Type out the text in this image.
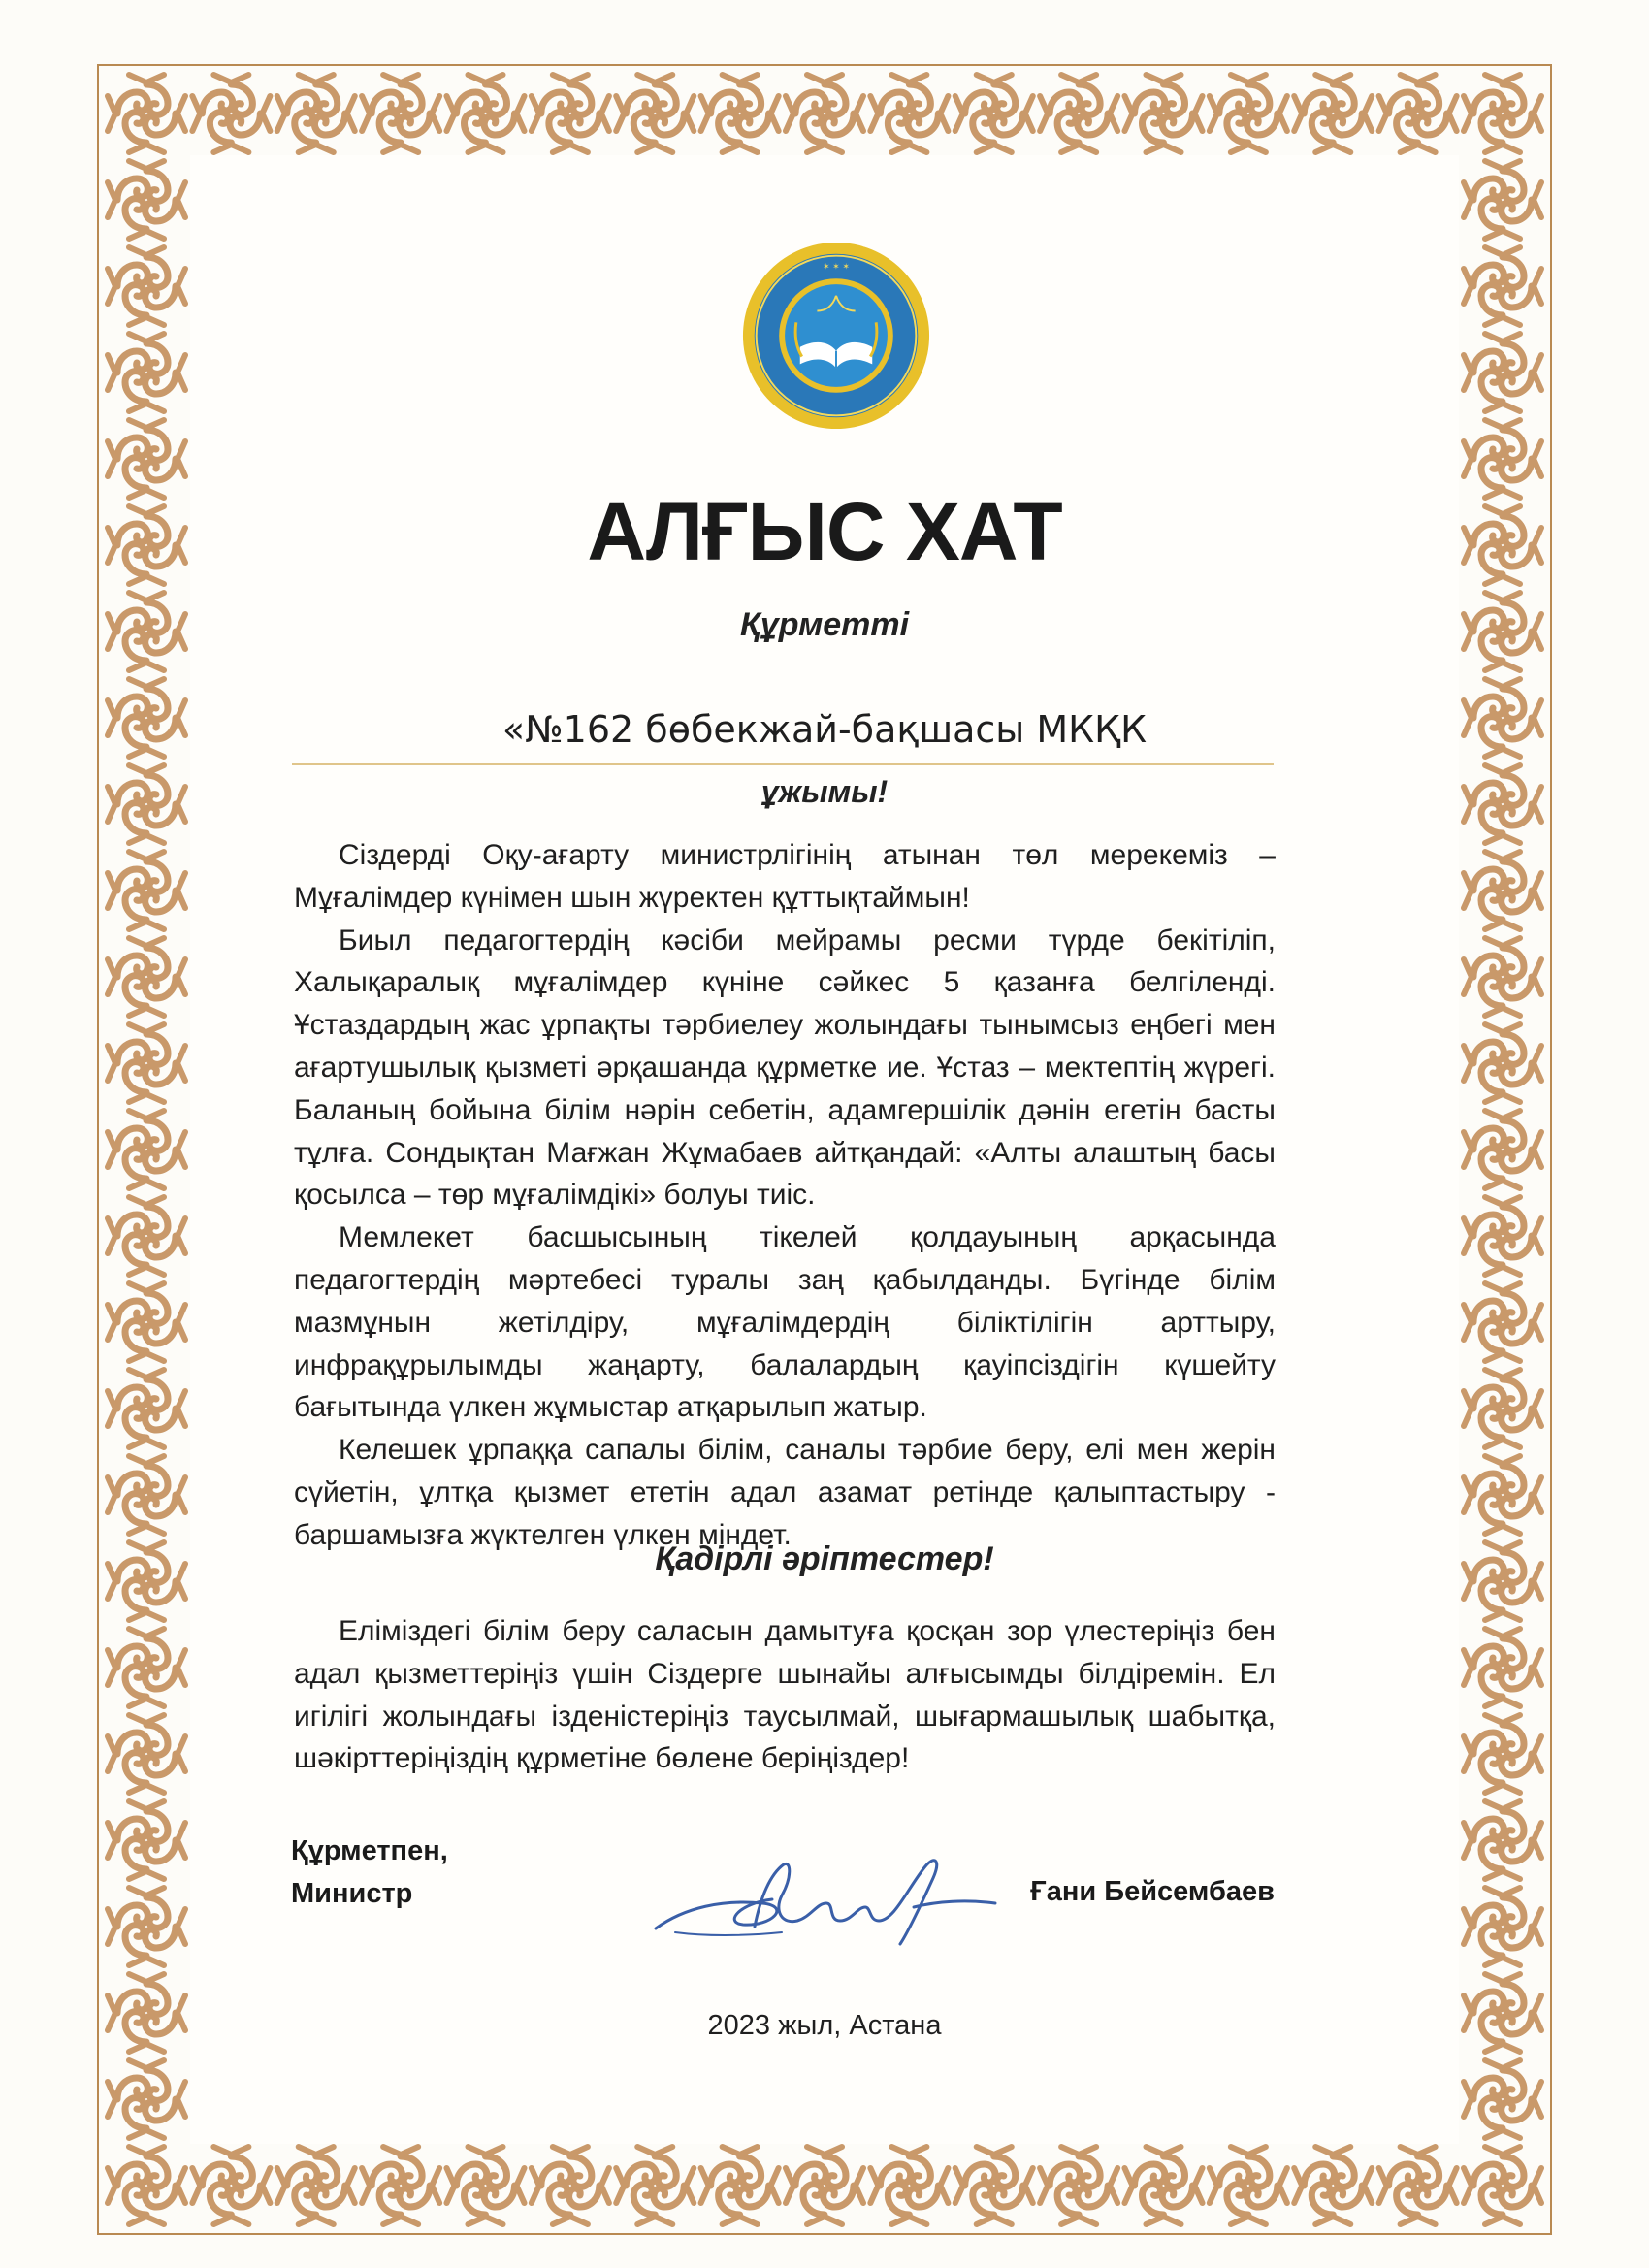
✶ ✶ ✶
АЛҒЫС ХАТ
Құрметті
«№162 бөбекжай-бақшасы МКҚК
ұжымы!

Сіздерді Оқу-ағарту министрлігінің атынан төл мерекеміз – Мұғалімдер күнімен шын жүректен құттықтаймын!

Биыл педагогтердің кәсіби мейрамы ресми түрде бекітіліп, Халықаралық мұғалімдер күніне сәйкес 5 қазанға белгіленді. Ұстаздардың жас ұрпақты тәрбиелеу жолындағы тынымсыз еңбегі мен ағартушылық қызметі әрқашанда құрметке ие. Ұстаз – мектептің жүрегі. Баланың бойына білім нәрін себетін, адамгершілік дәнін егетін басты тұлға. Сондықтан Мағжан Жұмабаев айтқандай: «Алты алаштың басы қосылса – төр мұғалімдікі» болуы тиіс.

Мемлекет басшысының тікелей қолдауының арқасында педагогтердің мәртебесі туралы заң қабылданды. Бүгінде білім мазмұнын жетілдіру, мұғалімдердің біліктілігін арттыру, инфрақұрылымды жаңарту, балалардың қауіпсіздігін күшейту бағытында үлкен жұмыстар атқарылып жатыр.

Келешек ұрпаққа сапалы білім, саналы тәрбие беру, елі мен жерін сүйетін, ұлтқа қызмет ететін адал азамат ретінде қалыптастыру - баршамызға жүктелген үлкен міндет.

Қадірлі әріптестер!

Еліміздегі білім беру саласын дамытуға қосқан зор үлестеріңіз бен адал қызметтеріңіз үшін Сіздерге шынайы алғысымды білдіремін. Ел игілігі жолындағы ізденістеріңіз таусылмай, шығармашылық шабытқа, шәкірттеріңіздің құрметіне бөлене беріңіздер!

Құрметпен,
Министр	Ғани Бейсембаев
2023 жыл, Астана
